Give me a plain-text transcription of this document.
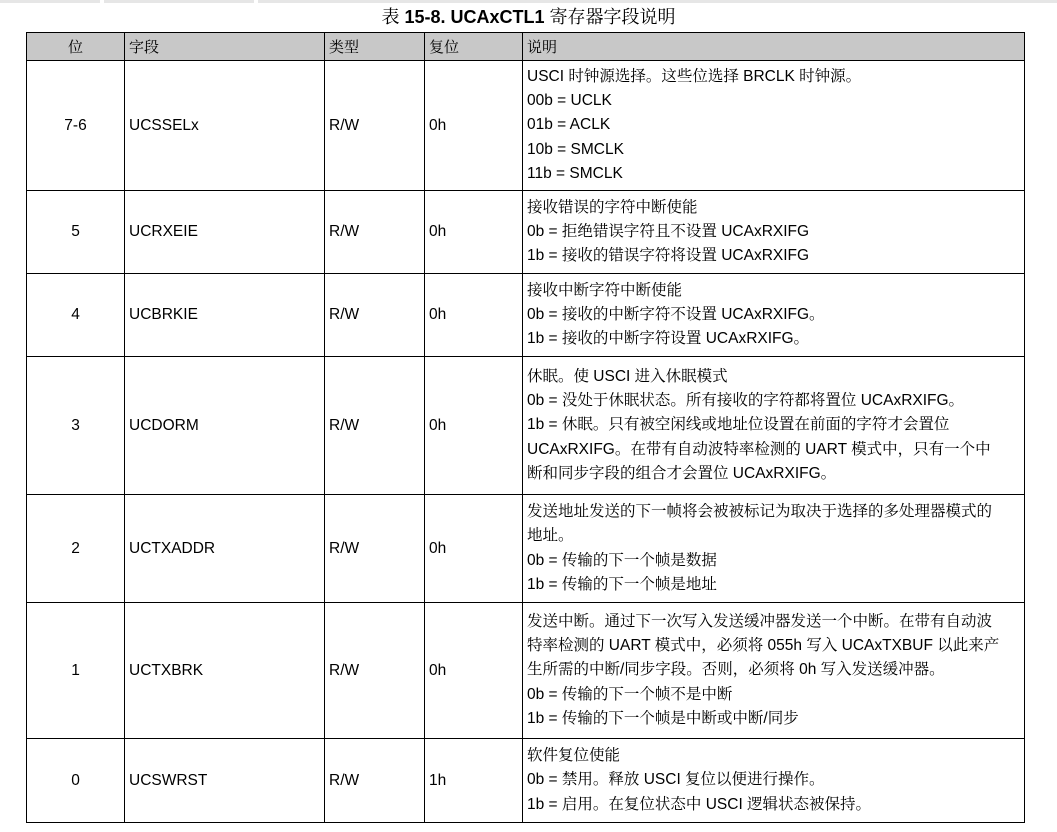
表 15-8. UCAxCTL1 寄存器字段说明
位	字段	类型	复位	说明
7-6	UCSSELx	R/W	0h	USCI 时钟源选择。这些位选择 BRCLK 时钟源。
00b = UCLK
01b = ACLK
10b = SMCLK
11b = SMCLK

5	UCRXEIE	R/W	0h	接收错误的字符中断使能
0b = 拒绝错误字符且不设置 UCAxRXIFG
1b = 接收的错误字符将设置 UCAxRXIFG

4	UCBRKIE	R/W	0h	接收中断字符中断使能
0b = 接收的中断字符不设置 UCAxRXIFG。
1b = 接收的中断字符设置 UCAxRXIFG。

3	UCDORM	R/W	0h	休眠。使 USCI 进入休眠模式
0b = 没处于休眠状态。所有接收的字符都将置位 UCAxRXIFG。
1b = 休眠。只有被空闲线或地址位设置在前面的字符才会置位
UCAxRXIFG。在带有自动波特率检测的 UART 模式中，只有一个中
断和同步字段的组合才会置位 UCAxRXIFG。

2	UCTXADDR	R/W	0h	发送地址发送的下一帧将会被被标记为取决于选择的多处理器模式的
地址。
0b = 传输的下一个帧是数据
1b = 传输的下一个帧是地址

1	UCTXBRK	R/W	0h	发送中断。通过下一次写入发送缓冲器发送一个中断。在带有自动波
特率检测的 UART 模式中，必须将 055h 写入 UCAxTXBUF 以此来产
生所需的中断/同步字段。否则，必须将 0h 写入发送缓冲器。
0b = 传输的下一个帧不是中断
1b = 传输的下一个帧是中断或中断/同步

0	UCSWRST	R/W	1h	软件复位使能
0b = 禁用。释放 USCI 复位以便进行操作。
1b = 启用。在复位状态中 USCI 逻辑状态被保持。
